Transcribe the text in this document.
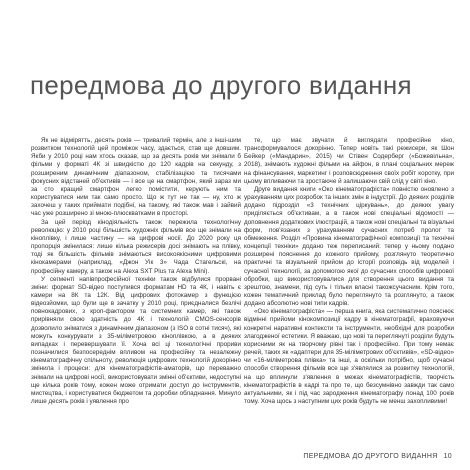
передмова до другого видання

Як не відмірятть, десять років — тривалий термін, але з інші-шим розвитком технологій цей проміжок часу, здається, став ще довшим. Якби у 2010 році нам хтось сказав, що за десять років ми знімали б фільми у форматі 4К зі швидкістю до 120 кадрів на секунду, з розширеним динамічним діапазоном, стабілізацією та тисячами фокусних відстаней об'єктивів — і все це на смартфон, який зараз ми за сто кращий смартфон легко помістити, керують ним та користуватися ним так само просто. Що ж тут не так — ну, хто ж захочеш у таких приймати подібні, на такому, які також мав і зайвий час уже розширено зі мною-плюскватками в просторі.

За цей період кінодіяльність також пережила технологічну революцію: у 2010 році більшість художніх фільмів все ще знімали на кіноплівку, і лише частину — на цифрові носії. До 2020 року ця пропорція змінилася: лише кілька режисерів досі знімають на плівку, тоді як більшість фільмів знімаються високоякісними цифровими кінокамерами (наприклад, «Джон Уік 3» Чада Стагельскі, на професійну камеру, а також на Alexa SXT Plus та Alexa Mini).

У сегменті напівпрофесійної техніки також відбулися прорвані зміни: формат SD-відео поступився форматам HD та 4К, і навіть є камери на 8К та 12К. Від цифрових фотокамер з функцією відеозйомки, що були ще в зачатку у 2010 році, приєдналися безлічі повнокадрових, з кроп-фактором та системних камер, які також прирівняли свою здатність до 4К і технологій CMOS-сенсорів дозволило зніматися з динамічним діапазоном (з ISO в сотні тисяч), які можуть конкурувати з 35-міліметровою кіноплівкою, а в деяких випадках і перевершувати її. Хоча всі ці технологічні прориви позначилися безпосереднім впливом на професійну та незалежну кінематографічну спільноту, революція цифрових технологій докорінно змінила і процеси: для кінематографістів-аматорів, що переважно знімали на цифрові носії, використовувати змінні об'єктиви, недоступні ще кілька років тому, кожен може отримати доступ до інструментів, мистецтва, і користуватися бюджетом та доробки обладнання. Минуло лише десять років і уявлення про

те, що має звучати й виглядати професійне кіно, трансформувалося докорінно. Тепер новіть такі режисери, як Шон Бейкер («Мандарин», 2015) чи Стівен Содерберг («Божевільна», 2018), знімають художні фільми на айфон, в плані соціальних мереж на фінансування, маркетинг і розповсюдження своїх робіт коротку, при цьому впливаючи та зростаюче й залишаючи свій слід у світі кіно.

Друге видання книги «Око кінематографіста» повністю оновлено з урахуванням цих розробок та інших змін в індустрії. До деяких розділів додано підрозділ «3 технічних ціркувань», до деяких увагу приділяється об'єктивам, а в також нові спеціальні відомості — доповнення додаткових ілюстрацій, а також нові спеціальні та візуальні форм, пов'язаних з урахуванням сучасних потреб пролог та обмеження. Розділ «Провина кінематографічної композиції та технічні концепції техніки» додано теж переписаний: тепер у ньому подано розширені пояснення до кожного прийому, розглянуто теоретично практичні та візуальний прийом до історії розповідь від моделей і сучасної технології, за допомогою якої до сучасних способів цифрової обробки, що використовувалися для створення цього видання та зрештою, знамени, під суть і тільки власні такожсучасним. Крім того, кожен тематичний приклад було переглянуто та розглянуто, а також додано абсолютно нові типи кадрів.

«Око кінематографіста» — перша книга, яка систематично пояснює відмінні прийоми кінокомпозиції кадру в кінематографії, враховуючи конкретні наративні контексти та інструменти, необхідні для розробки злагодженої естетики. Я вважаю, що нові та переглянуті розділи будуть корисними як на творчому рівні так і професійно. При тому немає речей, таких як «адаптери для 35-міліметрових об'єктивів», «SD-відео» чи «16-міліметрова плівка» та інші, а оскільки потрібно, щоб сучасні способи створення фільмів все ще з'являлися за розвитку технологій, на що вплинули з'явлення в межах кінематографістів, творчість кінематографістів в кадрі та про те, що безсумнівно завжди так само актуальними, як і під час зародження кінематографу понад 100 років тому. Хоча щось з наступним цих років будуть не менш захопливими!

ПЕРЕДМОВА ДО ДРУГОГО ВИДАННЯ 10
